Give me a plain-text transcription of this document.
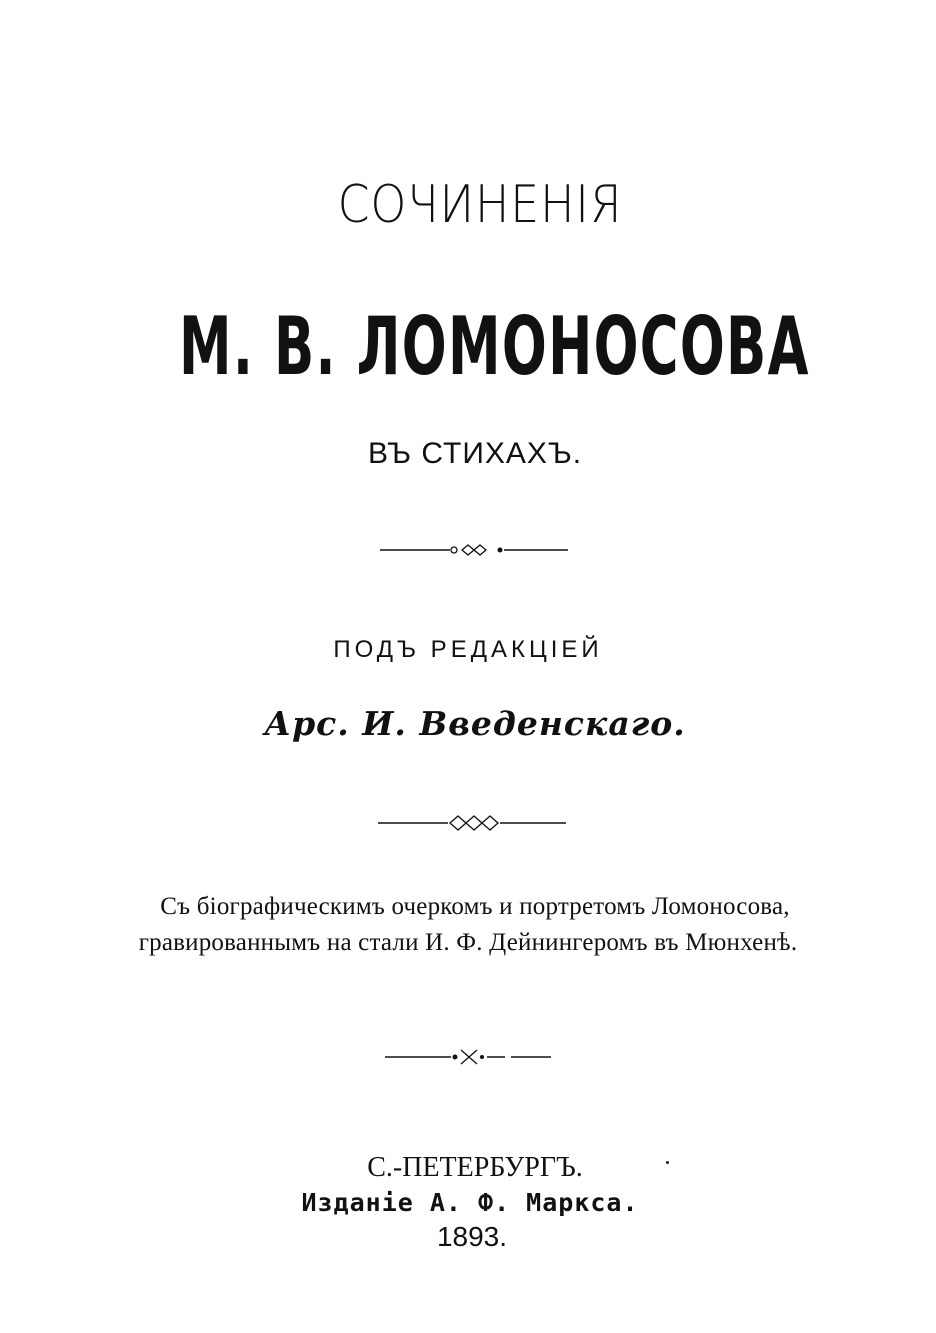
СОЧИНЕНІЯ
М. В. ЛОМОНОСОВА
ВЪ СТИХАХЪ.
ПОДЪ РЕДАКЦІЕЙ
Арс. И. Введенскаго.
Съ біографическимъ очеркомъ и портретомъ Ломоносова,
гравированнымъ на стали И. Ф. Дейнингеромъ въ Мюнхенѣ.
С.-ПЕТЕРБУРГЪ.
Изданіе А. Ф. Маркса.
1893.
